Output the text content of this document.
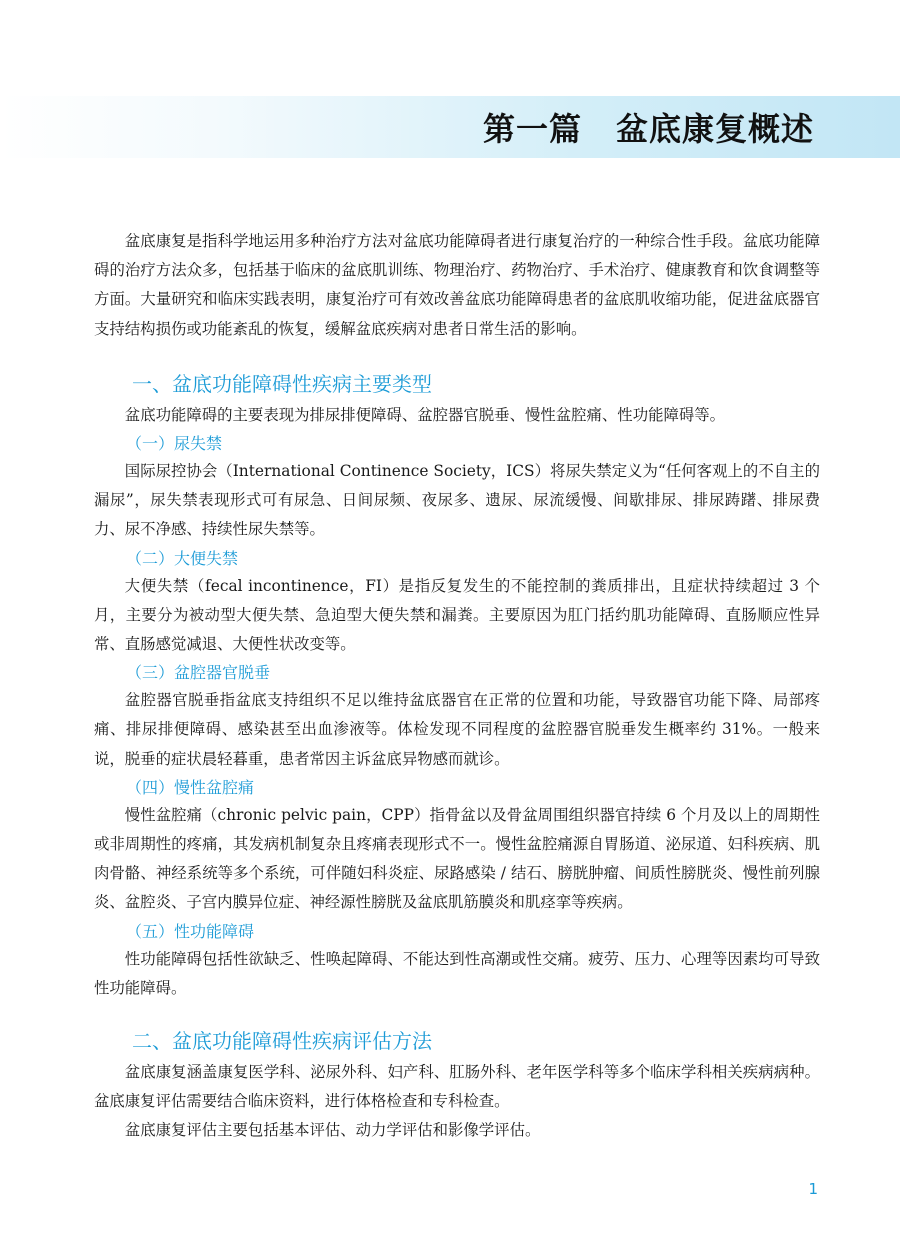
第一篇 盆底康复概述

盆底康复是指科学地运用多种治疗方法对盆底功能障碍者进行康复治疗的一种综合性手段。盆底功能障碍的治疗方法众多，包括基于临床的盆底肌训练、物理治疗、药物治疗、手术治疗、健康教育和饮食调整等方面。大量研究和临床实践表明，康复治疗可有效改善盆底功能障碍患者的盆底肌收缩功能，促进盆底器官支持结构损伤或功能紊乱的恢复，缓解盆底疾病对患者日常生活的影响。

一、盆底功能障碍性疾病主要类型

盆底功能障碍的主要表现为排尿排便障碍、盆腔器官脱垂、慢性盆腔痛、性功能障碍等。

（一）尿失禁

国际尿控协会（International Continence Society，ICS）将尿失禁定义为“任何客观上的不自主的漏尿”，尿失禁表现形式可有尿急、日间尿频、夜尿多、遗尿、尿流缓慢、间歇排尿、排尿踌躇、排尿费力、尿不净感、持续性尿失禁等。

（二）大便失禁

大便失禁（fecal incontinence，FI）是指反复发生的不能控制的粪质排出，且症状持续超过 3 个月，主要分为被动型大便失禁、急迫型大便失禁和漏粪。主要原因为肛门括约肌功能障碍、直肠顺应性异常、直肠感觉减退、大便性状改变等。

（三）盆腔器官脱垂

盆腔器官脱垂指盆底支持组织不足以维持盆底器官在正常的位置和功能，导致器官功能下降、局部疼痛、排尿排便障碍、感染甚至出血渗液等。体检发现不同程度的盆腔器官脱垂发生概率约 31%。一般来说，脱垂的症状晨轻暮重，患者常因主诉盆底异物感而就诊。

（四）慢性盆腔痛

慢性盆腔痛（chronic pelvic pain，CPP）指骨盆以及骨盆周围组织器官持续 6 个月及以上的周期性或非周期性的疼痛，其发病机制复杂且疼痛表现形式不一。慢性盆腔痛源自胃肠道、泌尿道、妇科疾病、肌肉骨骼、神经系统等多个系统，可伴随妇科炎症、尿路感染 / 结石、膀胱肿瘤、间质性膀胱炎、慢性前列腺炎、盆腔炎、子宫内膜异位症、神经源性膀胱及盆底肌筋膜炎和肌痉挛等疾病。

（五）性功能障碍

性功能障碍包括性欲缺乏、性唤起障碍、不能达到性高潮或性交痛。疲劳、压力、心理等因素均可导致性功能障碍。

二、盆底功能障碍性疾病评估方法

盆底康复涵盖康复医学科、泌尿外科、妇产科、肛肠外科、老年医学科等多个临床学科相关疾病病种。盆底康复评估需要结合临床资料，进行体格检查和专科检查。

盆底康复评估主要包括基本评估、动力学评估和影像学评估。

1
